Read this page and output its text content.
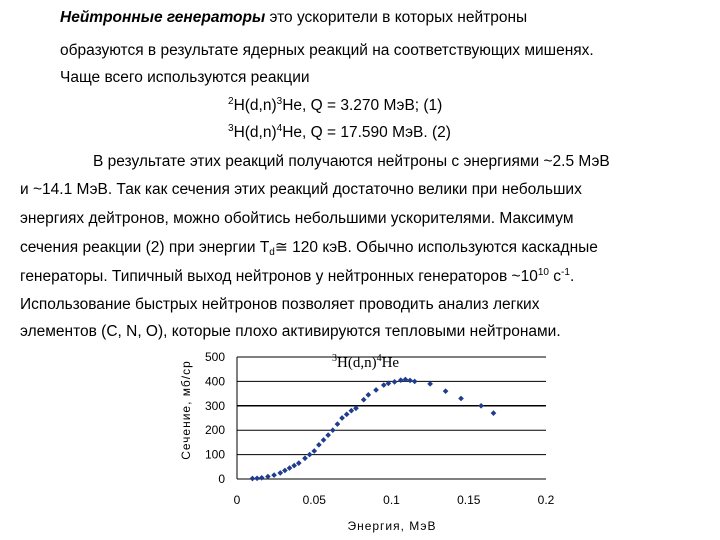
Нейтронные генераторы это ускорители в которых нейтроны
образуются в результате ядерных реакций на соответствующих мишенях.
Чаще всего используются реакции
$^2H(d,n)^3He$, Q = 3.270 МэВ; (1)
$^3H(d,n)^4He$, Q = 17.590 МэВ. (2)
В результате этих реакций получаются нейтроны с энергиями ~2.5 МэВ
и ~14.1 МэВ. Так как сечения этих реакций достаточно велики при небольших
энергиях дейтронов, можно обойтись небольшими ускорителями. Максимум
сечения реакции (2) при энергии $T_d≅$ 120 кэВ. Обычно используются каскадные
генераторы. Типичный выход нейтронов у нейтронных генераторов $\sim 10^{10}$ $с^{-1}$.
Использование быстрых нейтронов позволяет проводить анализ легких
элементов (C, N, O), которые плохо активируются тепловыми нейтронами.
0
100
200
300
400
500
0	0.05	0.1	0.15	0.2
$^3H(d,n)^4He$
Энергия, МэВ
Сечение, мб/ср
